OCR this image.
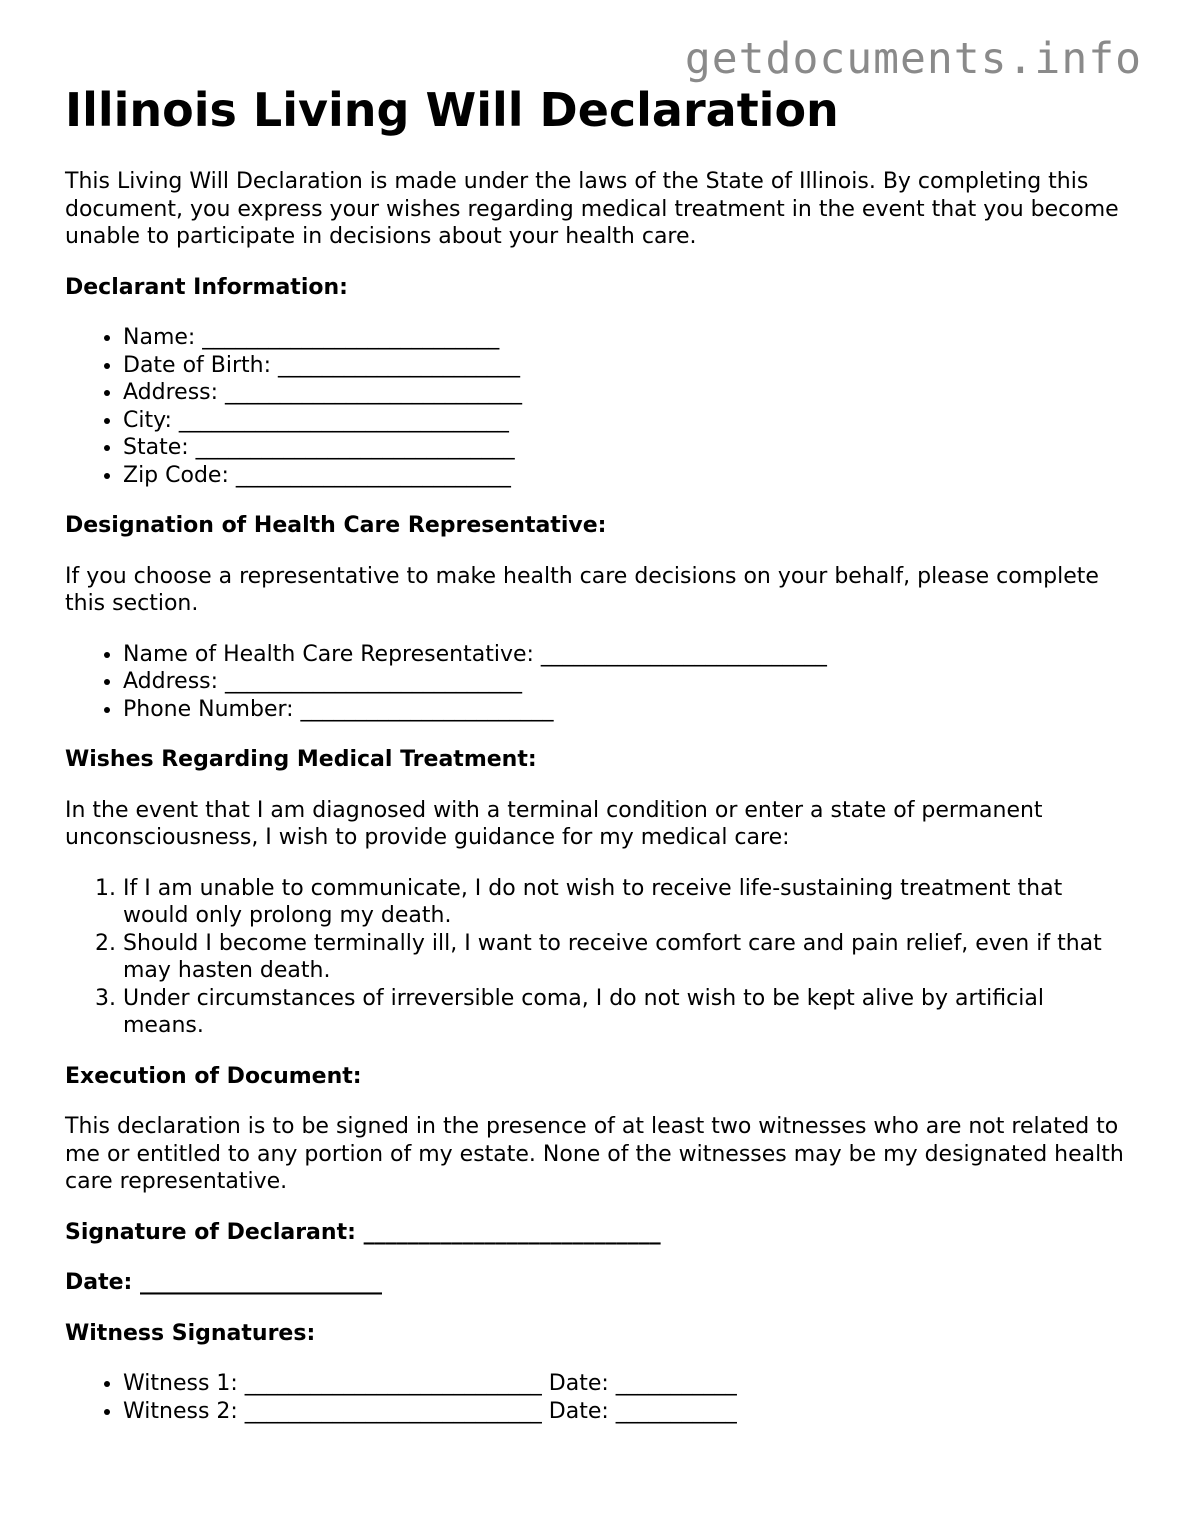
getdocuments.info
Illinois Living Will Declaration

This Living Will Declaration is made under the laws of the State of Illinois. By completing this document, you express your wishes regarding medical treatment in the event that you become unable to participate in decisions about your health care.

Declarant Information:

• Name: ___________________________
• Date of Birth: ______________________
• Address: ___________________________
• City: ______________________________
• State: _____________________________
• Zip Code: _________________________

Designation of Health Care Representative:

If you choose a representative to make health care decisions on your behalf, please complete this section.

• Name of Health Care Representative: __________________________
• Address: ___________________________
• Phone Number: _______________________

Wishes Regarding Medical Treatment:

In the event that I am diagnosed with a terminal condition or enter a state of permanent unconsciousness, I wish to provide guidance for my medical care:

1. If I am unable to communicate, I do not wish to receive life-sustaining treatment that would only prolong my death.
2. Should I become terminally ill, I want to receive comfort care and pain relief, even if that may hasten death.
3. Under circumstances of irreversible coma, I do not wish to be kept alive by artificial means.

Execution of Document:

This declaration is to be signed in the presence of at least two witnesses who are not related to me or entitled to any portion of my estate. None of the witnesses may be my designated health care representative.

Signature of Declarant: ___________________________

Date: ______________________

Witness Signatures:

• Witness 1: ___________________________ Date: ___________
• Witness 2: ___________________________ Date: ___________
